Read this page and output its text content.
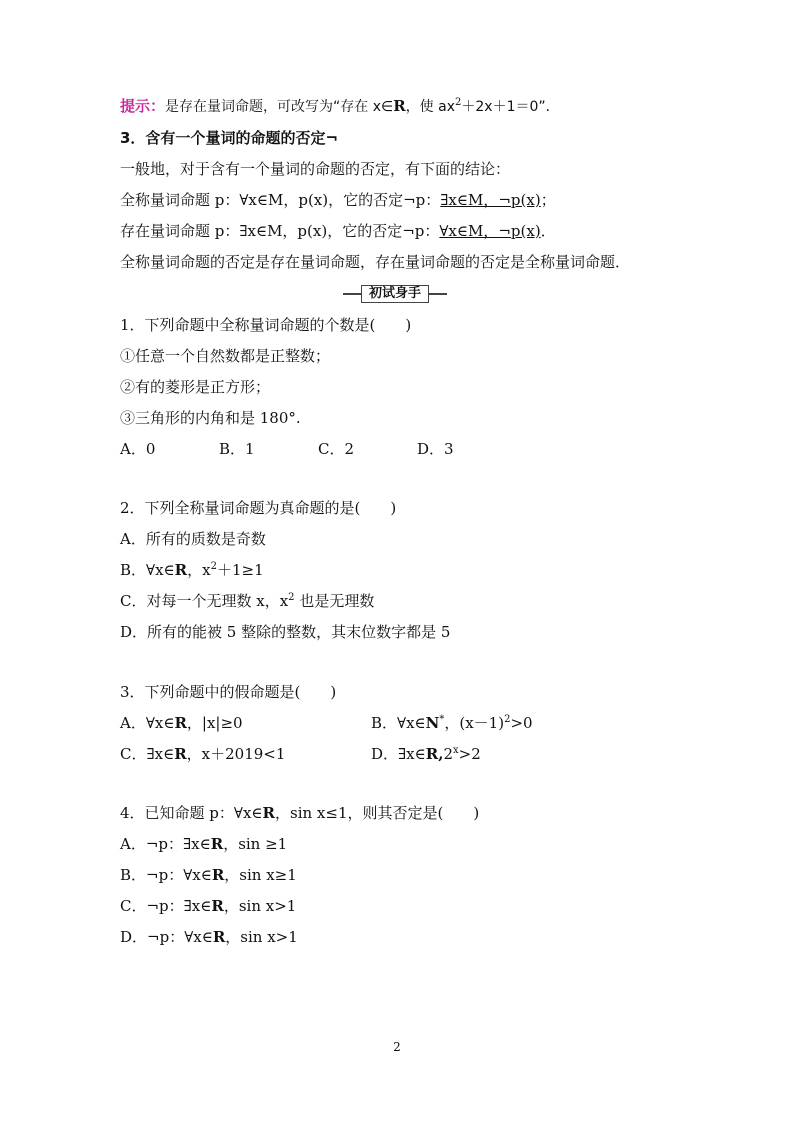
提示：是存在量词命题，可改写为“存在 x∈R，使 $ax^2+2x+1=0$”．
3．含有一个量词的命题的否定¬
一般地，对于含有一个量词的命题的否定，有下面的结论：
全称量词命题 p：∀x∈M，p(x)，它的否定¬p：∃x∈M，¬p(x)；
存在量词命题 p：∃x∈M，p(x)，它的否定¬p：∀x∈M，¬p(x)．
全称量词命题的否定是存在量词命题，存在量词命题的否定是全称量词命题．
初试身手
1．下列命题中全称量词命题的个数是(　　)
①任意一个自然数都是正整数；
②有的菱形是正方形；
③三角形的内角和是 180°.
A．0	B．1	C．2	D．3
2．下列全称量词命题为真命题的是(　　)
A．所有的质数是奇数
B．∀x∈R，$x^2+1\ge 1$
C．对每一个无理数 x，$x^2$ 也是无理数
D．所有的能被 5 整除的整数，其末位数字都是 5
3．下列命题中的假命题是(　　)
A．∀x∈R，|x|≥0	B．∀x∈N*，$(x-1)^2>0$
C．∃x∈R，x＋2019<1	D．$\exists x\in R,2^x>2$
4．已知命题 p：∀x∈R，sin x≤1，则其否定是(　　)
A．¬p：∃x∈R，sin ≥1
B．¬p：∀x∈R，sin x≥1
C．¬p：∃x∈R，sin x>1
D．¬p：∀x∈R，sin x>1
2
